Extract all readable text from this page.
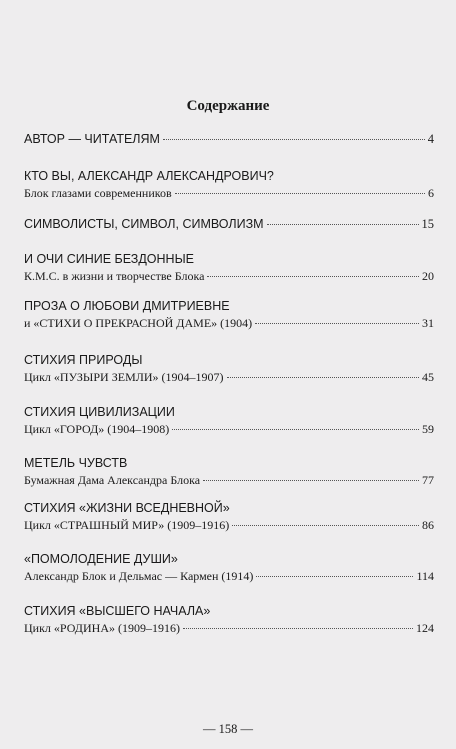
Содержание
АВТОР — ЧИТАТЕЛЯМ	4
КТО ВЫ, АЛЕКСАНДР АЛЕКСАНДРОВИЧ?
Блок глазами современников	6
СИМВОЛИСТЫ, СИМВОЛ, СИМВОЛИЗМ	15
И ОЧИ СИНИЕ БЕЗДОННЫЕ
К.М.С. в жизни и творчестве Блока	20
ПРОЗА О ЛЮБОВИ ДМИТРИЕВНЕ
и «СТИХИ О ПРЕКРАСНОЙ ДАМЕ» (1904)	31
СТИХИЯ ПРИРОДЫ
Цикл «ПУЗЫРИ ЗЕМЛИ» (1904–1907)	45
СТИХИЯ ЦИВИЛИЗАЦИИ
Цикл «ГОРОД» (1904–1908)	59
МЕТЕЛЬ ЧУВСТВ
Бумажная Дама Александра Блока	77
СТИХИЯ «ЖИЗНИ ВСЕДНЕВНОЙ»
Цикл «СТРАШНЫЙ МИР» (1909–1916)	86
«ПОМОЛОДЕНИЕ ДУШИ»
Александр Блок и Дельмас — Кармен (1914)	114
СТИХИЯ «ВЫСШЕГО НАЧАЛА»
Цикл «РОДИНА» (1909–1916)	124
— 158 —
